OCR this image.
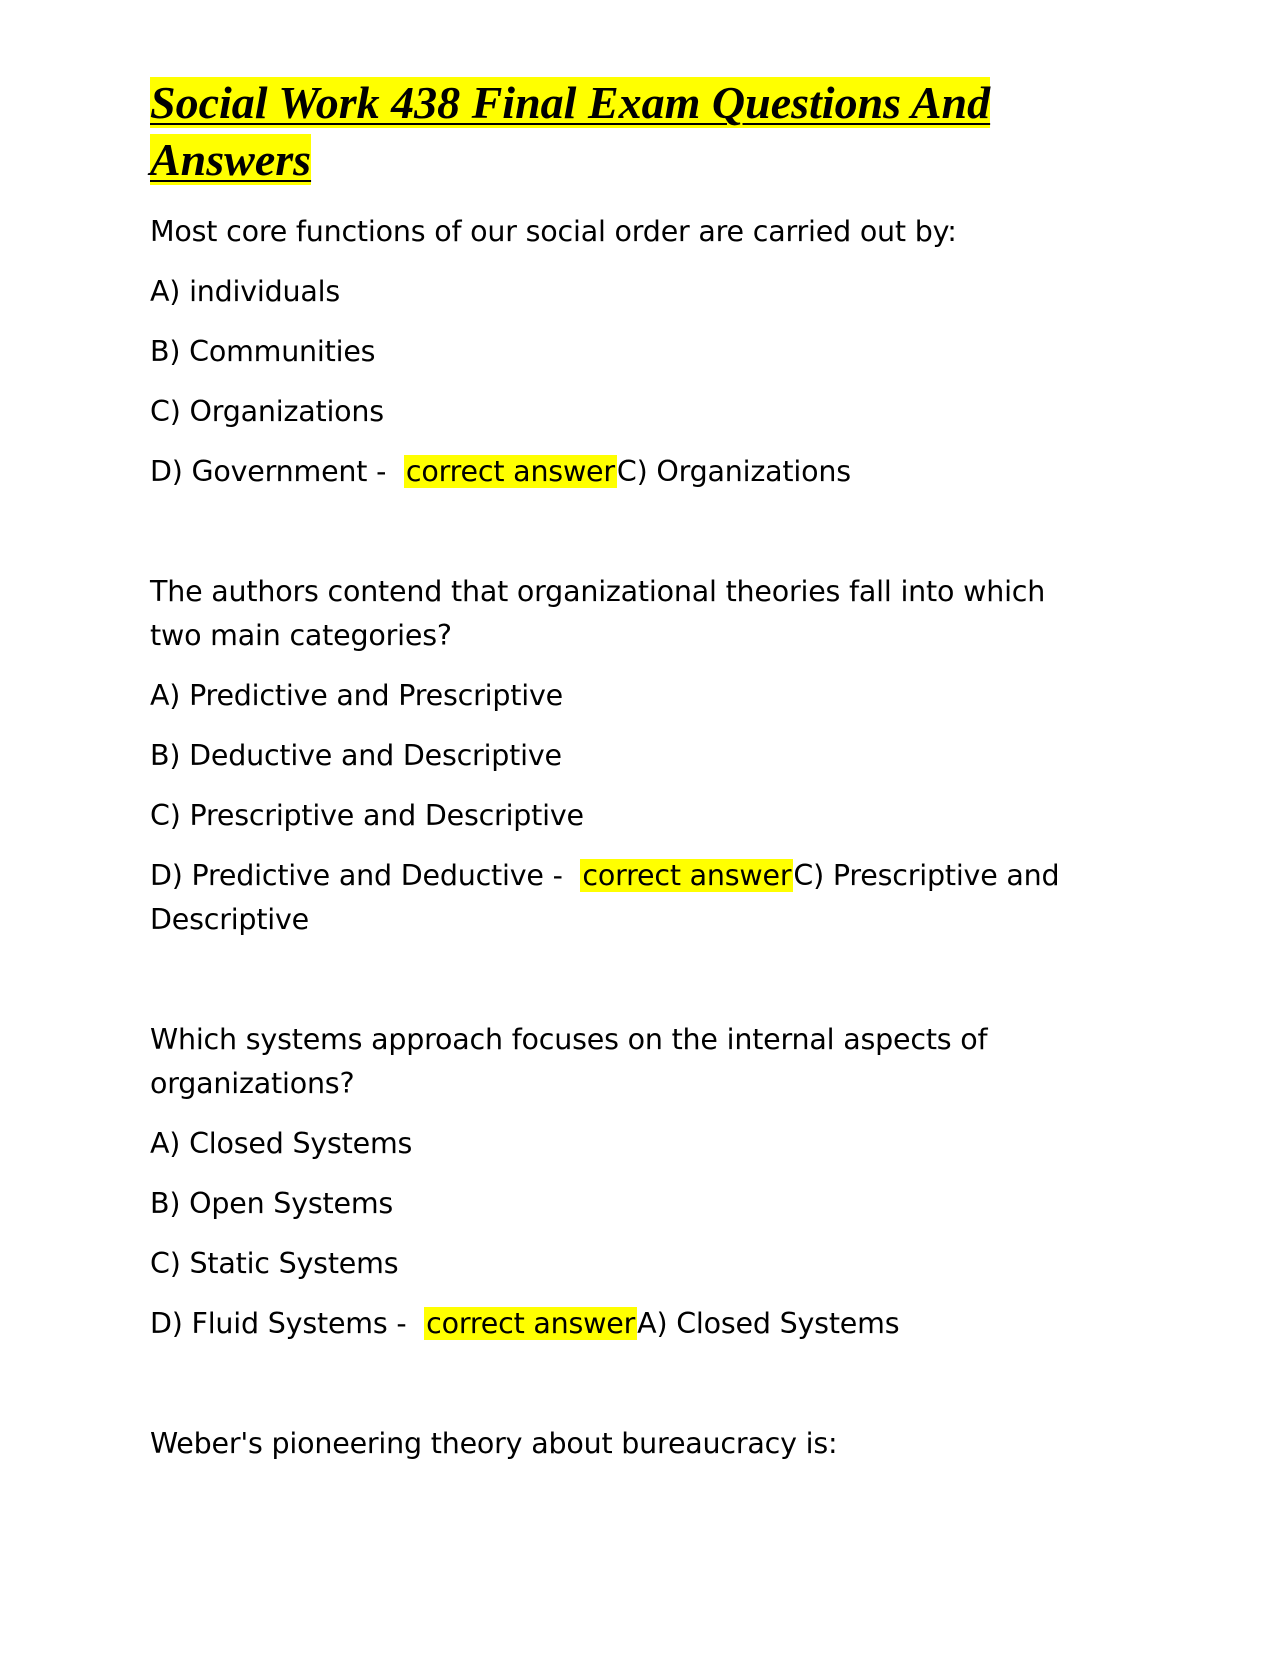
Social Work 438 Final Exam Questions And Answers

Most core functions of our social order are carried out by:

A) individuals

B) Communities

C) Organizations

D) Government - correct answerC) Organizations

The authors contend that organizational theories fall into which two main categories?

A) Predictive and Prescriptive

B) Deductive and Descriptive

C) Prescriptive and Descriptive

D) Predictive and Deductive - correct answerC) Prescriptive and Descriptive

Which systems approach focuses on the internal aspects of organizations?

A) Closed Systems

B) Open Systems

C) Static Systems

D) Fluid Systems - correct answerA) Closed Systems

Weber's pioneering theory about bureaucracy is:
